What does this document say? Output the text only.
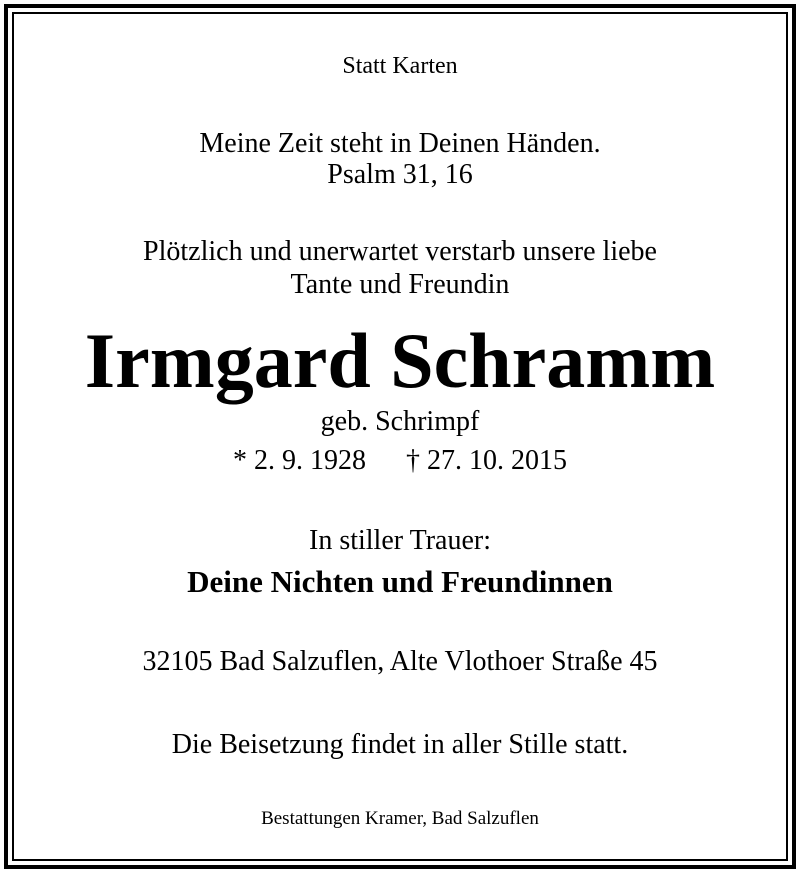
Statt Karten
Meine Zeit steht in Deinen Händen.
Psalm 31, 16
Plötzlich und unerwartet verstarb unsere liebe
Tante und Freundin
Irmgard Schramm
geb. Schrimpf
* 2. 9. 1928 † 27. 10. 2015
In stiller Trauer:
Deine Nichten und Freundinnen
32105 Bad Salzuflen, Alte Vlothoer Straße 45
Die Beisetzung findet in aller Stille statt.
Bestattungen Kramer, Bad Salzuflen
